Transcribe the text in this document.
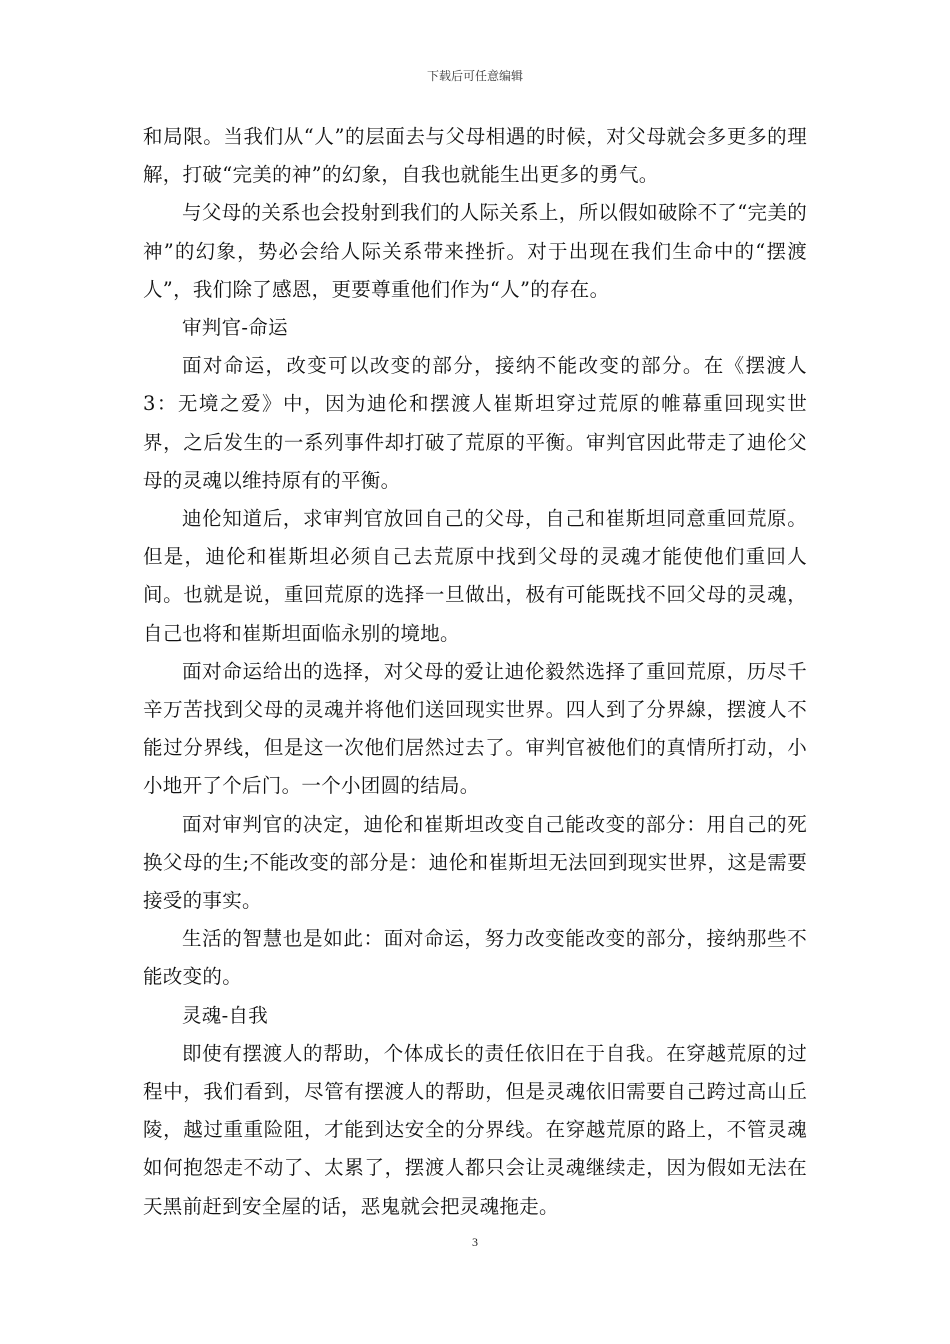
下载后可任意编辑

和局限。当我们从“人”的层面去与父母相遇的时候，对父母就会多更多的理解，打破“完美的神”的幻象，自我也就能生出更多的勇气。

与父母的关系也会投射到我们的人际关系上，所以假如破除不了“完美的神”的幻象，势必会给人际关系带来挫折。对于出现在我们生命中的“摆渡人”，我们除了感恩，更要尊重他们作为“人”的存在。

审判官-命运

面对命运，改变可以改变的部分，接纳不能改变的部分。在《摆渡人 3：无境之爱》中，因为迪伦和摆渡人崔斯坦穿过荒原的帷幕重回现实世界，之后发生的一系列事件却打破了荒原的平衡。审判官因此带走了迪伦父母的灵魂以维持原有的平衡。

迪伦知道后，求审判官放回自己的父母，自己和崔斯坦同意重回荒原。但是，迪伦和崔斯坦必须自己去荒原中找到父母的灵魂才能使他们重回人间。也就是说，重回荒原的选择一旦做出，极有可能既找不回父母的灵魂，自己也将和崔斯坦面临永别的境地。

面对命运给出的选择，对父母的爱让迪伦毅然选择了重回荒原，历尽千辛万苦找到父母的灵魂并将他们送回现实世界。四人到了分界線，摆渡人不能过分界线，但是这一次他们居然过去了。审判官被他们的真情所打动，小小地开了个后门。一个小团圆的结局。

面对审判官的决定，迪伦和崔斯坦改变自己能改变的部分：用自己的死换父母的生;不能改变的部分是：迪伦和崔斯坦无法回到现实世界，这是需要接受的事实。

生活的智慧也是如此：面对命运，努力改变能改变的部分，接纳那些不能改变的。

灵魂-自我

即使有摆渡人的帮助，个体成长的责任依旧在于自我。在穿越荒原的过程中，我们看到，尽管有摆渡人的帮助，但是灵魂依旧需要自己跨过高山丘陵，越过重重险阻，才能到达安全的分界线。在穿越荒原的路上，不管灵魂如何抱怨走不动了、太累了，摆渡人都只会让灵魂继续走，因为假如无法在天黑前赶到安全屋的话，恶鬼就会把灵魂拖走。

3
